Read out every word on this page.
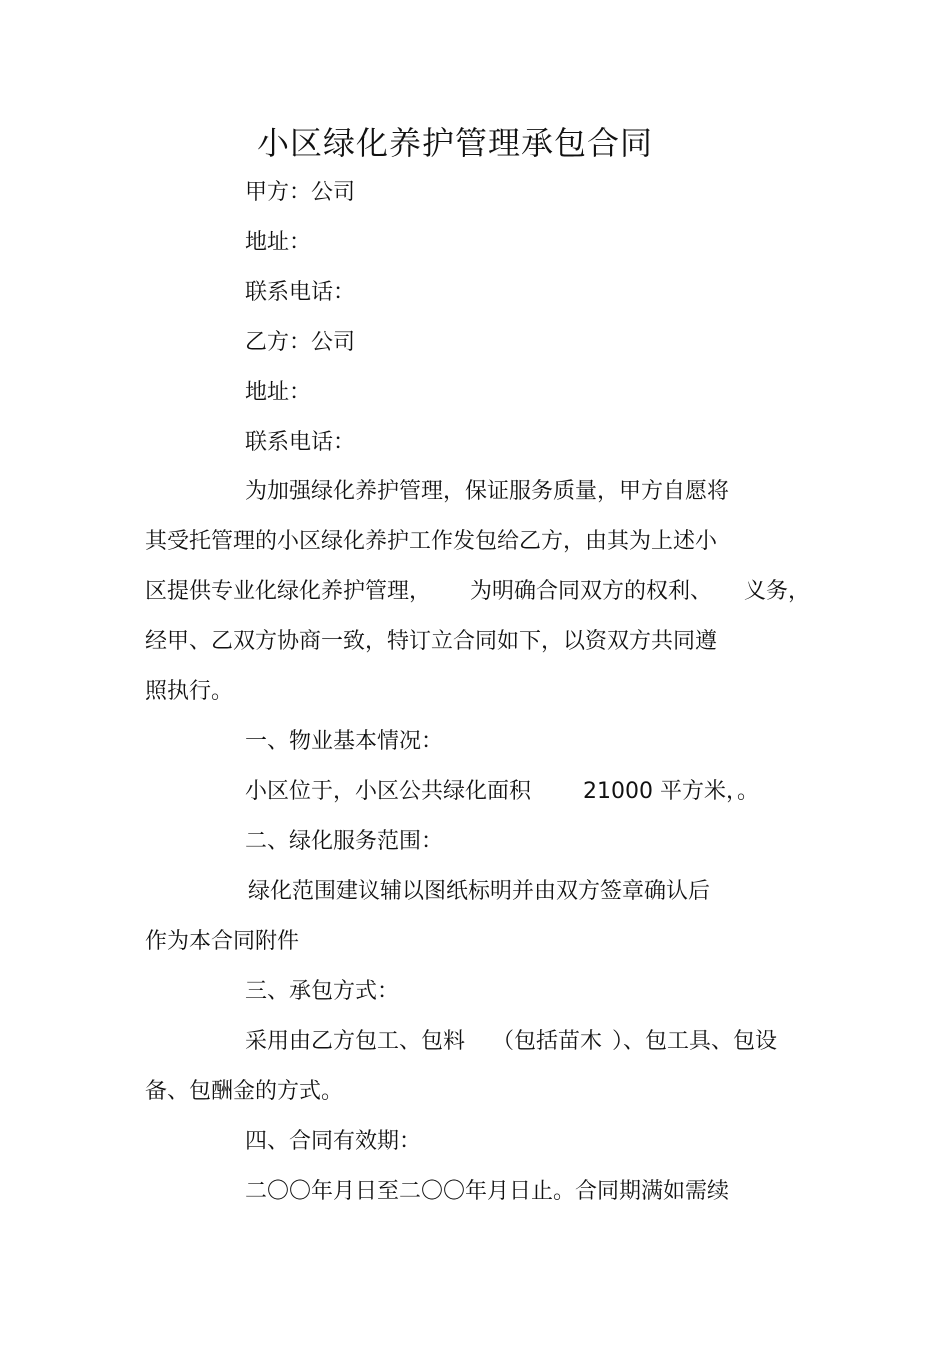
小区绿化养护管理承包合同
甲方：公司
地址：
联系电话：
乙方：公司
地址：
联系电话：
为加强绿化养护管理，保证服务质量，甲方自愿将
其受托管理的小区绿化养护工作发包给乙方，由其为上述小
区提供专业化绿化养护管理， 为明确合同双方的权利、 义务，
经甲、乙双方协商一致，特订立合同如下，以资双方共同遵
照执行。
一、物业基本情况：
小区位于，小区公共绿化面积 21000 平方米，。
二、绿化服务范围：
绿化范围建议辅以图纸标明并由双方签章确认后
作为本合同附件
三、承包方式：
采用由乙方包工、包料 （包括苗木 ）、包工具、包设
备、包酬金的方式。
四、合同有效期：
二〇〇年月日至二〇〇年月日止。合同期满如需续
